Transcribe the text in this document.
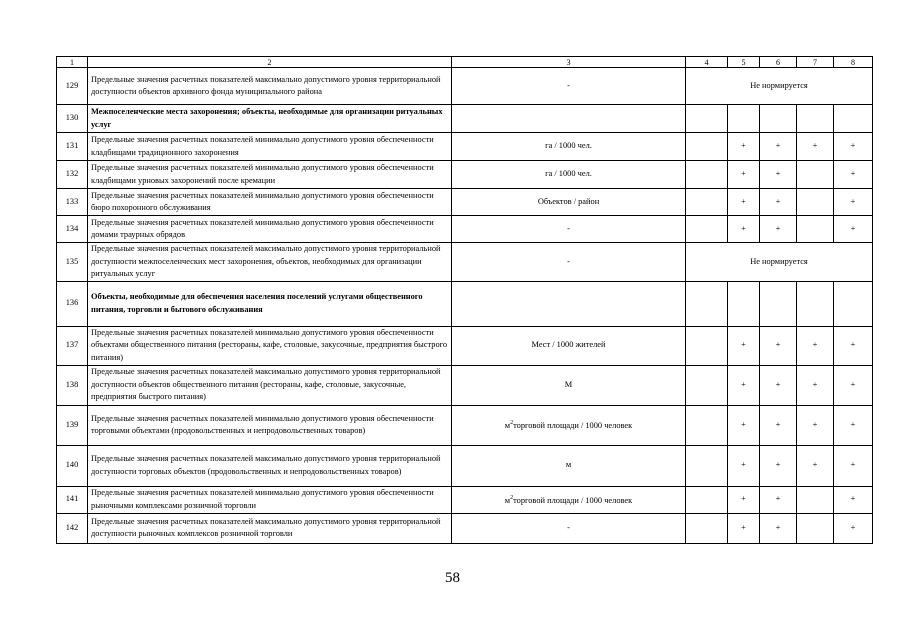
1	2	3	4	5	6	7	8
129	Предельные значения расчетных показателей максимально допустимого уровня территориальной доступности объектов архивного фонда муниципального района	-	Не нормируется				
130	Межпоселенческие места захоронения; объекты, необходимые для организации ритуальных услуг						
131	Предельные значения расчетных показателей минимально допустимого уровня обеспеченности кладбищами традиционного захоронения	га / 1000 чел.		+	+	+	+
132	Предельные значения расчетных показателей минимально допустимого уровня обеспеченности кладбищами урновых захоронений после кремации	га / 1000 чел.		+	+		+
133	Предельные значения расчетных показателей минимально допустимого уровня обеспеченности бюро похоронного обслуживания	Объектов / район		+	+		+
134	Предельные значения расчетных показателей минимально допустимого уровня обеспеченности домами траурных обрядов	-		+	+		+
135	Предельные значения расчетных показателей максимально допустимого уровня территориальной доступности межпоселенческих мест захоронения, объектов, необходимых для организации ритуальных услуг	-	Не нормируется				
136	Объекты, необходимые для обеспечения населения поселений услугами общественного питания, торговли и бытового обслуживания						
137	Предельные значения расчетных показателей минимально допустимого уровня обеспеченности объектами общественного питания (рестораны, кафе, столовые, закусочные, предприятия быстрого питания)	Мест / 1000 жителей		+	+	+	+
138	Предельные значения расчетных показателей максимально допустимого уровня территориальной доступности объектов общественного питания (рестораны, кафе, столовые, закусочные, предприятия быстрого питания)	М		+	+	+	+
139	Предельные значения расчетных показателей минимально допустимого уровня обеспеченности торговыми объектами (продовольственных и непродовольственных товаров)	$м^2торговой$ площади / 1000 человек		+	+	+	+
140	Предельные значения расчетных показателей максимально допустимого уровня территориальной доступности торговых объектов (продовольственных и непродовольственных товаров)	м		+	+	+	+
141	Предельные значения расчетных показателей минимально допустимого уровня обеспеченности рыночными комплексами розничной торговли	$м^2торговой$ площади / 1000 человек		+	+		+
142	Предельные значения расчетных показателей максимально допустимого уровня территориальной доступности рыночных комплексов розничной торговли	-		+	+		+
58
